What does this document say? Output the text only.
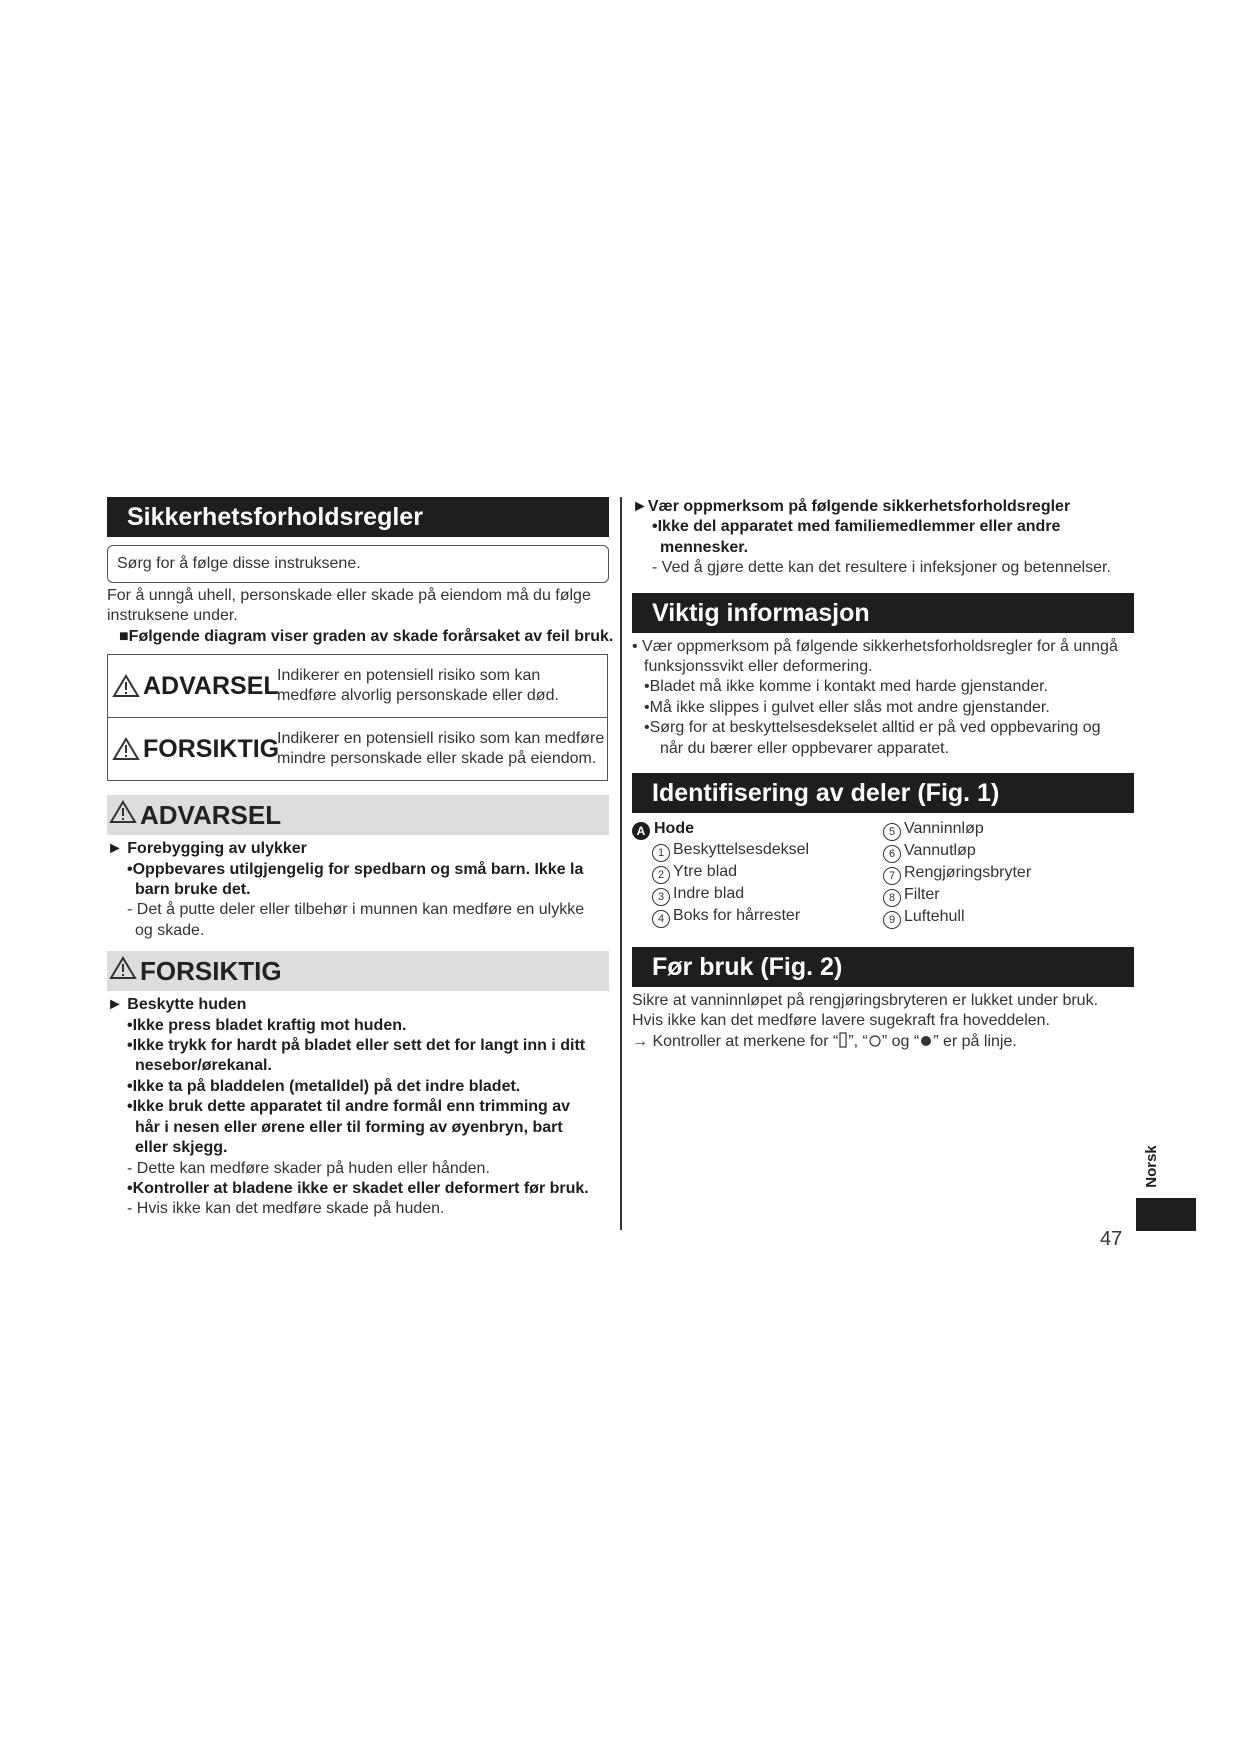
Sikkerhetsforholdsregler
Sørg for å følge disse instruksene.
For å unngå uhell, personskade eller skade på eiendom må du følge
instruksene under.
■Følgende diagram viser graden av skade forårsaket av feil bruk.
ADVARSEL
Indikerer en potensiell risiko som kan
medføre alvorlig personskade eller død.
FORSIKTIG
Indikerer en potensiell risiko som kan medføre
mindre personskade eller skade på eiendom.
ADVARSEL
► Forebygging av ulykker
•Oppbevares utilgjengelig for spedbarn og små barn. Ikke la
barn bruke det.
- Det å putte deler eller tilbehør i munnen kan medføre en ulykke
og skade.
FORSIKTIG
► Beskytte huden
•Ikke press bladet kraftig mot huden.
•Ikke trykk for hardt på bladet eller sett det for langt inn i ditt
nesebor/ørekanal.
•Ikke ta på bladdelen (metalldel) på det indre bladet.
•Ikke bruk dette apparatet til andre formål enn trimming av
hår i nesen eller ørene eller til forming av øyenbryn, bart
eller skjegg.
- Dette kan medføre skader på huden eller hånden.
•Kontroller at bladene ikke er skadet eller deformert før bruk.
- Hvis ikke kan det medføre skade på huden.
►Vær oppmerksom på følgende sikkerhetsforholdsregler
•Ikke del apparatet med familiemedlemmer eller andre
mennesker.
- Ved å gjøre dette kan det resultere i infeksjoner og betennelser.
Viktig informasjon
• Vær oppmerksom på følgende sikkerhetsforholdsregler for å unngå
funksjonssvikt eller deformering.
•Bladet må ikke komme i kontakt med harde gjenstander.
•Må ikke slippes i gulvet eller slås mot andre gjenstander.
•Sørg for at beskyttelsesdekselet alltid er på ved oppbevaring og
når du bærer eller oppbevarer apparatet.
Identifisering av deler (Fig. 1)
A Hode
1 Beskyttelsesdeksel
2 Ytre blad
3 Indre blad
4 Boks for hårrester
5 Vanninnløp
6 Vannutløp
7 Rengjøringsbryter
8 Filter
9 Luftehull
Før bruk (Fig. 2)
Sikre at vanninnløpet på rengjøringsbryteren er lukket under bruk.
Hvis ikke kan det medføre lavere sugekraft fra hoveddelen.
→ Kontroller at merkene for “ ”, “○” og “ ” er på linje.
Norsk
47
